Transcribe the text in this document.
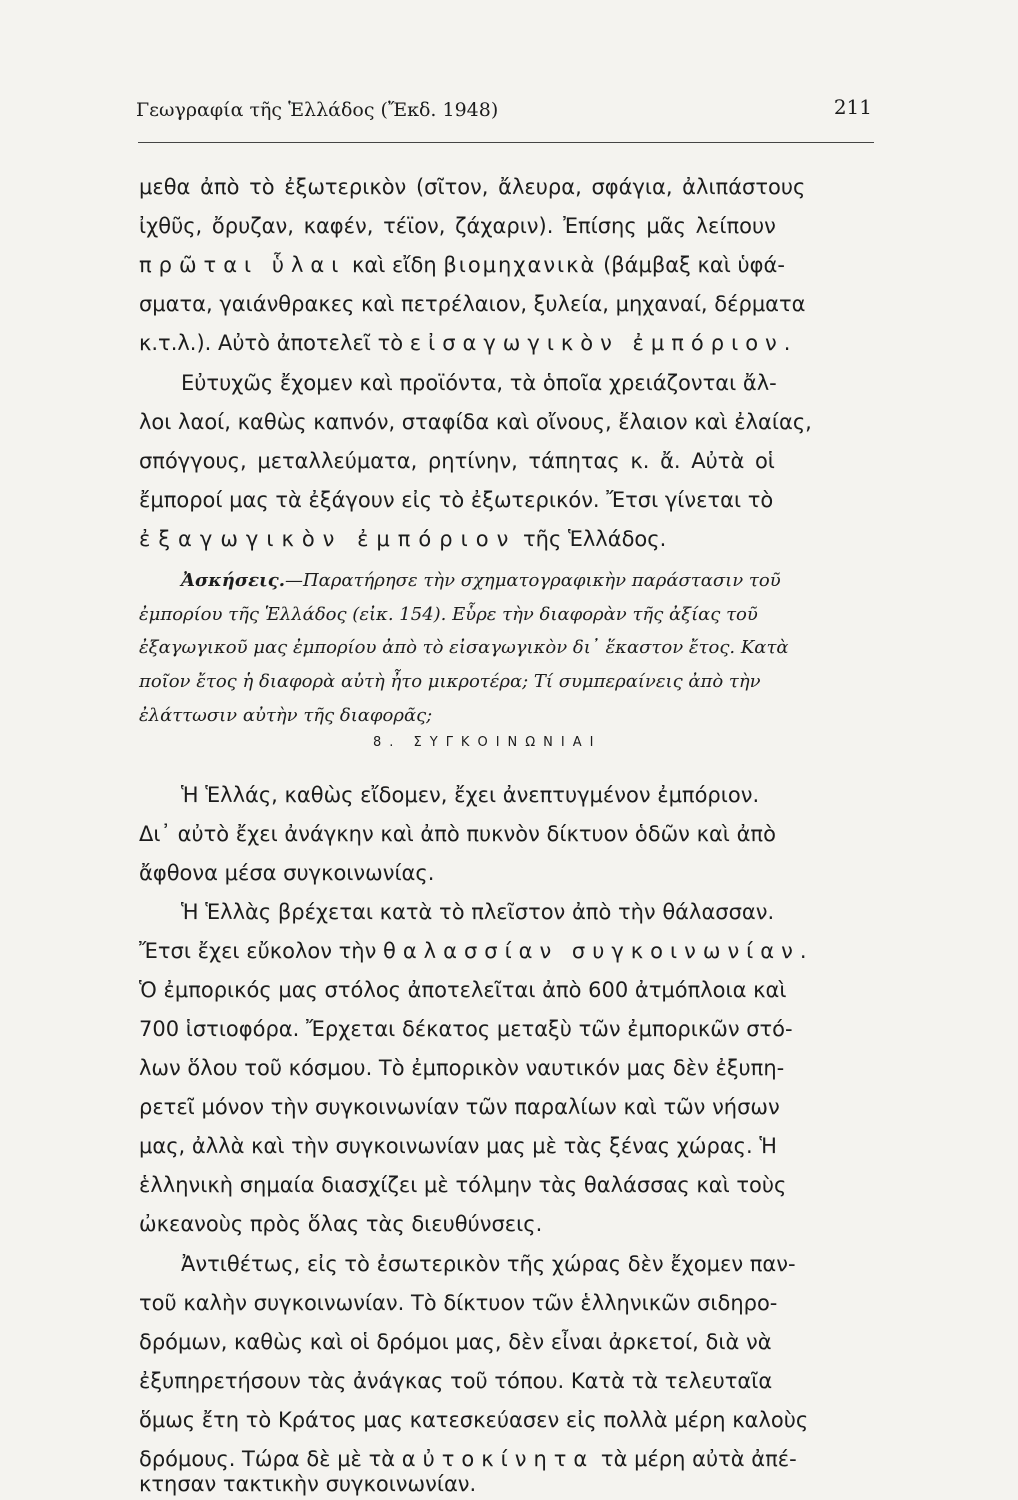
Γεωγραφία τῆς Ἑλλάδος (Ἔκδ. 1948)	211
μεθα ἀπὸ τὸ ἐξωτερικὸν (σῖτον, ἄλευρα, σφάγια, ἀλιπάστους
ἰχθῦς, ὄρυζαν, καφέν, τέϊον, ζάχαριν). Ἐπίσης μᾶς λείπουν
πρῶται ὗλαι καὶ εἴδη βιομηχανικὰ (βάμβαξ καὶ ὑφά-
σματα, γαιάνθρακες καὶ πετρέλαιον, ξυλεία, μηχαναί, δέρματα
κ.τ.λ.). Αὐτὸ ἀποτελεῖ τὸ εἰσαγωγικὸν ἐμπόριον.
Εὐτυχῶς ἔχομεν καὶ προϊόντα, τὰ ὁποῖα χρειάζονται ἄλ-
λοι λαοί, καθὼς καπνόν, σταφίδα καὶ οἴνους, ἔλαιον καὶ ἐλαίας,
σπόγγους, μεταλλεύματα, ρητίνην, τάπητας κ. ἄ. Αὐτὰ οἱ
ἔμποροί μας τὰ ἐξάγουν εἰς τὸ ἐξωτερικόν. Ἔτσι γίνεται τὸ
ἐξαγωγικὸν ἐμπόριον τῆς Ἑλλάδος.
Ἀσκήσεις.—Παρατήρησε τὴν σχηματογραφικὴν παράστασιν τοῦ
ἐμπορίου τῆς Ἑλλάδος (εἰκ. 154). Εὗρε τὴν διαφορὰν τῆς ἀξίας τοῦ
ἐξαγωγικοῦ μας ἐμπορίου ἀπὸ τὸ εἰσαγωγικὸν δι᾽ ἕκαστον ἔτος. Κατὰ
ποῖον ἔτος ἡ διαφορὰ αὐτὴ ἦτο μικροτέρα; Τί συμπεραίνεις ἀπὸ τὴν
ἐλάττωσιν αὐτὴν τῆς διαφορᾶς;
8. ΣΥΓΚΟΙΝΩΝΙΑΙ
Ἡ Ἑλλάς, καθὼς εἴδομεν, ἔχει ἀνεπτυγμένον ἐμπόριον.
Δι᾽ αὐτὸ ἔχει ἀνάγκην καὶ ἀπὸ πυκνὸν δίκτυον ὁδῶν καὶ ἀπὸ
ἄφθονα μέσα συγκοινωνίας.
Ἡ Ἑλλὰς βρέχεται κατὰ τὸ πλεῖστον ἀπὸ τὴν θάλασσαν.
Ἔτσι ἔχει εὔκολον τὴν θαλασσίαν συγκοινωνίαν.
Ὁ ἐμπορικός μας στόλος ἀποτελεῖται ἀπὸ 600 ἀτμόπλοια καὶ
700 ἱστιοφόρα. Ἔρχεται δέκατος μεταξὺ τῶν ἐμπορικῶν στό-
λων ὅλου τοῦ κόσμου. Τὸ ἐμπορικὸν ναυτικόν μας δὲν ἐξυπη-
ρετεῖ μόνον τὴν συγκοινωνίαν τῶν παραλίων καὶ τῶν νήσων
μας, ἀλλὰ καὶ τὴν συγκοινωνίαν μας μὲ τὰς ξένας χώρας. Ἡ
ἑλληνικὴ σημαία διασχίζει μὲ τόλμην τὰς θαλάσσας καὶ τοὺς
ὠκεανοὺς πρὸς ὅλας τὰς διευθύνσεις.
Ἀντιθέτως, εἰς τὸ ἐσωτερικὸν τῆς χώρας δὲν ἔχομεν παν-
τοῦ καλὴν συγκοινωνίαν. Τὸ δίκτυον τῶν ἑλληνικῶν σιδηρο-
δρόμων, καθὼς καὶ οἱ δρόμοι μας, δὲν εἶναι ἀρκετοί, διὰ νὰ
ἐξυπηρετήσουν τὰς ἀνάγκας τοῦ τόπου. Κατὰ τὰ τελευταῖα
ὅμως ἔτη τὸ Κράτος μας κατεσκεύασεν εἰς πολλὰ μέρη καλοὺς
δρόμους. Τώρα δὲ μὲ τὰ αὐτοκίνητα τὰ μέρη αὐτὰ ἀπέ-
κτησαν τακτικὴν συγκοινωνίαν.
